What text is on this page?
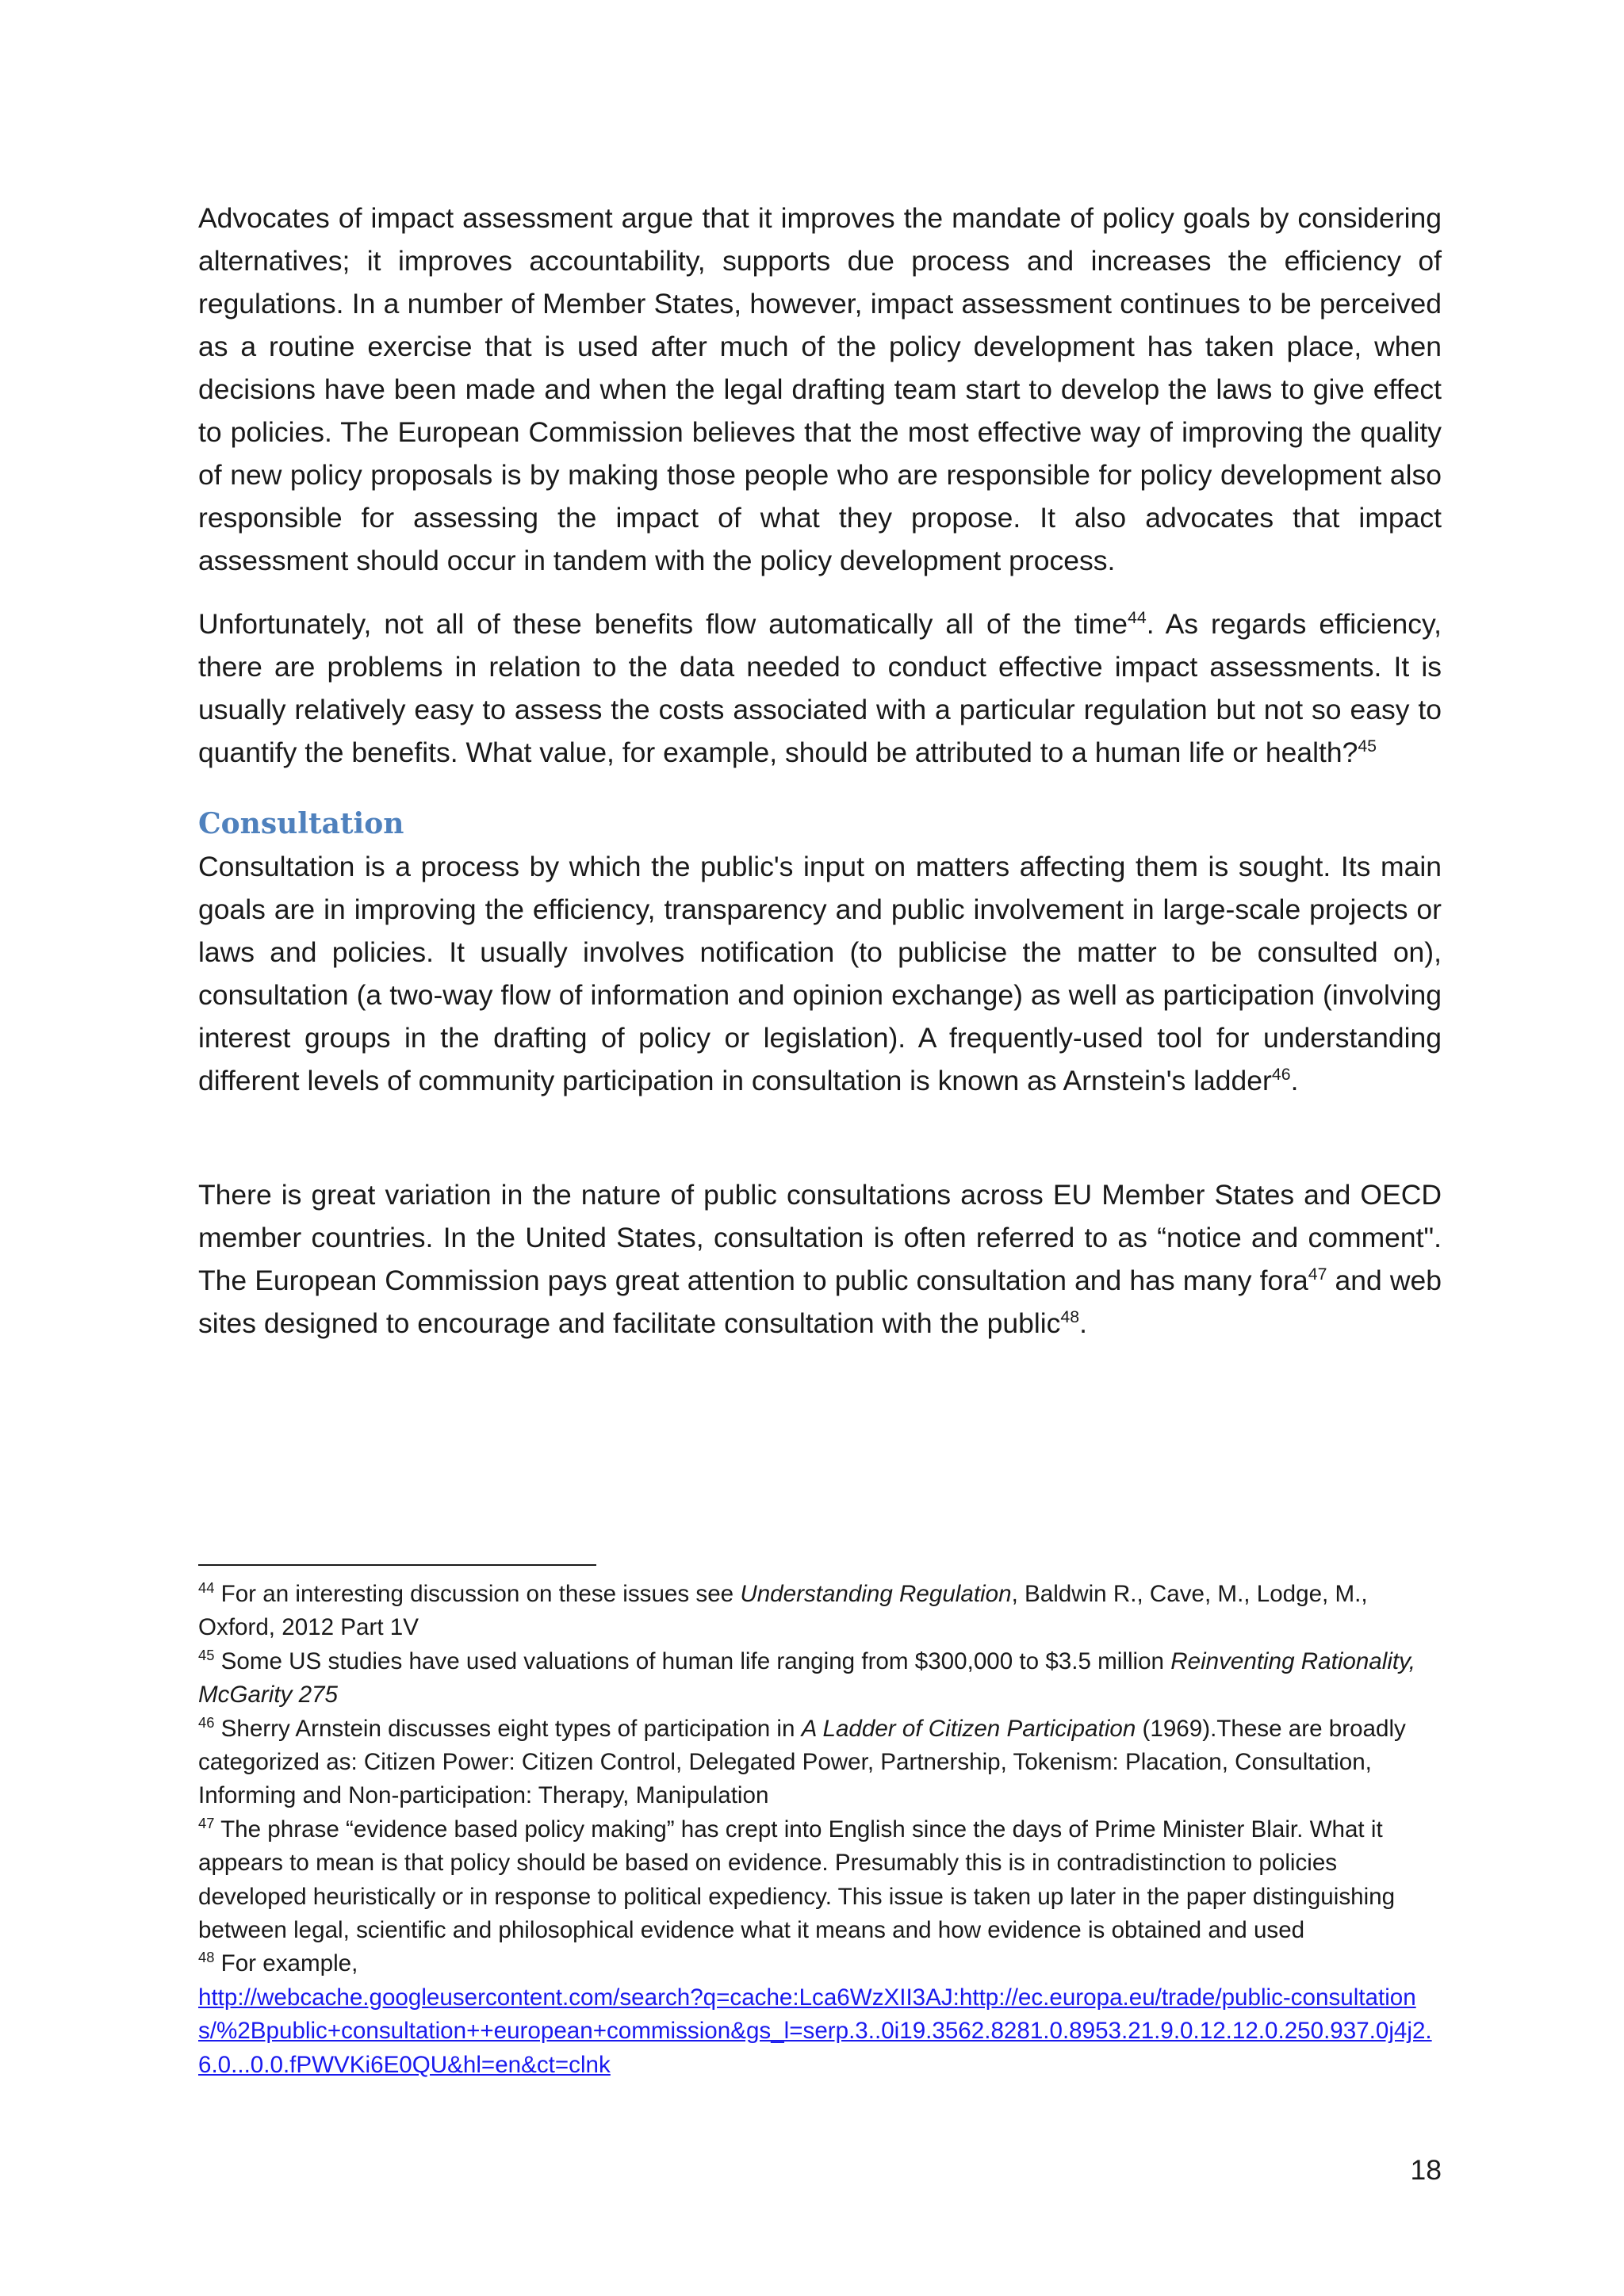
Advocates of impact assessment argue that it improves the mandate of policy goals by considering alternatives; it improves accountability, supports due process and increases the efficiency of regulations. In a number of Member States, however, impact assessment continues to be perceived as a routine exercise that is used after much of the policy development has taken place, when decisions have been made and when the legal drafting team start to develop the laws to give effect to policies. The European Commission believes that the most effective way of improving the quality of new policy proposals is by making those people who are responsible for policy development also responsible for assessing the impact of what they propose. It also advocates that impact assessment should occur in tandem with the policy development process.

Unfortunately, not all of these benefits flow automatically all of the time$^{44}$. As regards efficiency, there are problems in relation to the data needed to conduct effective impact assessments. It is usually relatively easy to assess the costs associated with a particular regulation but not so easy to quantify the benefits. What value, for example, should be attributed to a human life or health?$^{45}$

Consultation

Consultation is a process by which the public's input on matters affecting them is sought. Its main goals are in improving the efficiency, transparency and public involvement in large-scale projects or laws and policies. It usually involves notification (to publicise the matter to be consulted on), consultation (a two-way flow of information and opinion exchange) as well as participation (involving interest groups in the drafting of policy or legislation). A frequently-used tool for understanding different levels of community participation in consultation is known as Arnstein's ladder$^{46}$.

There is great variation in the nature of public consultations across EU Member States and OECD member countries. In the United States, consultation is often referred to as “notice and comment". The European Commission pays great attention to public consultation and has many fora$^{47}$ and web sites designed to encourage and facilitate consultation with the public$^{48}$.

$^{44}$ For an interesting discussion on these issues see Understanding Regulation, Baldwin R., Cave, M., Lodge, M., Oxford, 2012 Part 1V

$^{45}$ Some US studies have used valuations of human life ranging from $300,000 to $3.5 million Reinventing Rationality, McGarity 275

$^{46}$ Sherry Arnstein discusses eight types of participation in A Ladder of Citizen Participation (1969).These are broadly categorized as: Citizen Power: Citizen Control, Delegated Power, Partnership, Tokenism: Placation, Consultation, Informing and Non-participation: Therapy, Manipulation

$^{47}$ The phrase “evidence based policy making” has crept into English since the days of Prime Minister Blair. What it appears to mean is that policy should be based on evidence. Presumably this is in contradistinction to policies developed heuristically or in response to political expediency. This issue is taken up later in the paper distinguishing between legal, scientific and philosophical evidence what it means and how evidence is obtained and used

$^{48}$ For example,
http://webcache.googleusercontent.com/search?q=cache:Lca6WzXII3AJ:http://ec.europa.eu/trade/public-consultations/%2Bpublic+consultation++european+commission&gs_l=serp.3..0i19.3562.8281.0.8953.21.9.0.12.12.0.250.937.0j4j2.6.0...0.0.fPWVKi6E0QU&hl=en&ct=clnk

18
